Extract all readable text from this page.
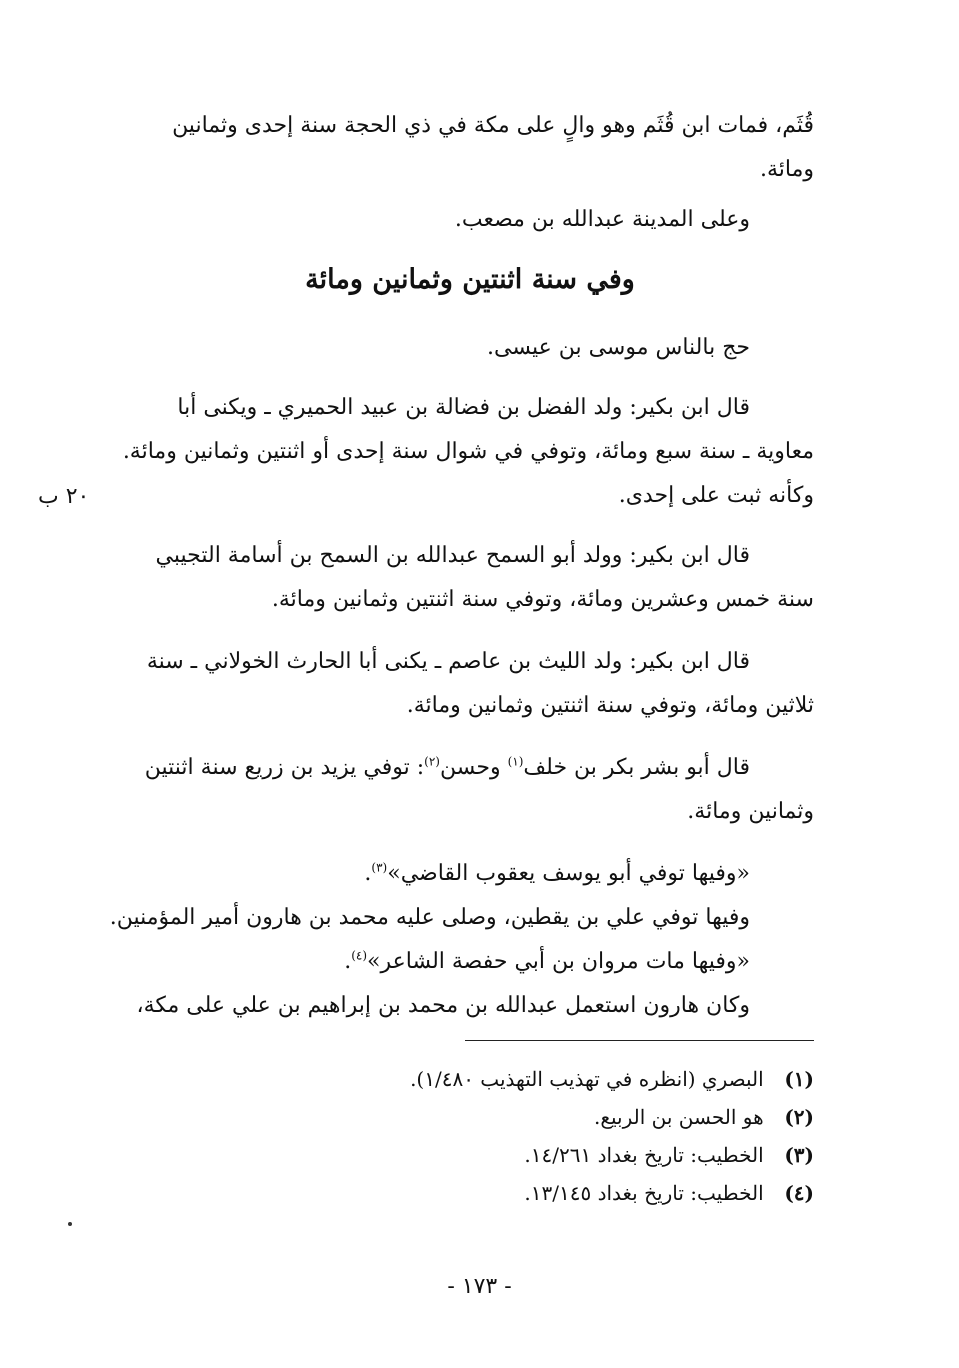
قُثَم، فمات ابن قُثَم وهو والٍ على مكة في ذي الحجة سنة إحدى وثمانين
ومائة.
وعلى المدينة عبدالله بن مصعب.
وفي سنة اثنتين وثمانين ومائة
حج بالناس موسى بن عيسى.
قال ابن بكير: ولد الفضل بن فضالة بن عبيد الحميري ـ ويكنى أبا
معاوية ـ سنة سبع ومائة، وتوفي في شوال سنة إحدى أو اثنتين وثمانين ومائة.
وكأنه ثبت على إحدى.
٢٠ ب
قال ابن بكير: وولد أبو السمح عبدالله بن السمح بن أسامة التجيبي
سنة خمس وعشرين ومائة، وتوفي سنة اثنتين وثمانين ومائة.
قال ابن بكير: ولد الليث بن عاصم ـ يكنى أبا الحارث الخولاني ـ سنة
ثلاثين ومائة، وتوفي سنة اثنتين وثمانين ومائة.
قال أبو بشر بكر بن خلف$^{(١)}$ وحسن$^{(٢)}$: توفي يزيد بن زريع سنة اثنتين
وثمانين ومائة.
«وفيها توفي أبو يوسف يعقوب القاضي»$^{(٣)}$.
وفيها توفي علي بن يقطين، وصلى عليه محمد بن هارون أمير المؤمنين.
«وفيها مات مروان بن أبي حفصة الشاعر»$^{(٤)}$.
وكان هارون استعمل عبدالله بن محمد بن إبراهيم بن علي على مكة،
(١) البصري (انظره في تهذيب التهذيب ١/٤٨٠).
(٢) هو الحسن بن الربيع.
(٣) الخطيب: تاريخ بغداد ١٤/٢٦١.
(٤) الخطيب: تاريخ بغداد ١٣/١٤٥.
- ١٧٣ -
